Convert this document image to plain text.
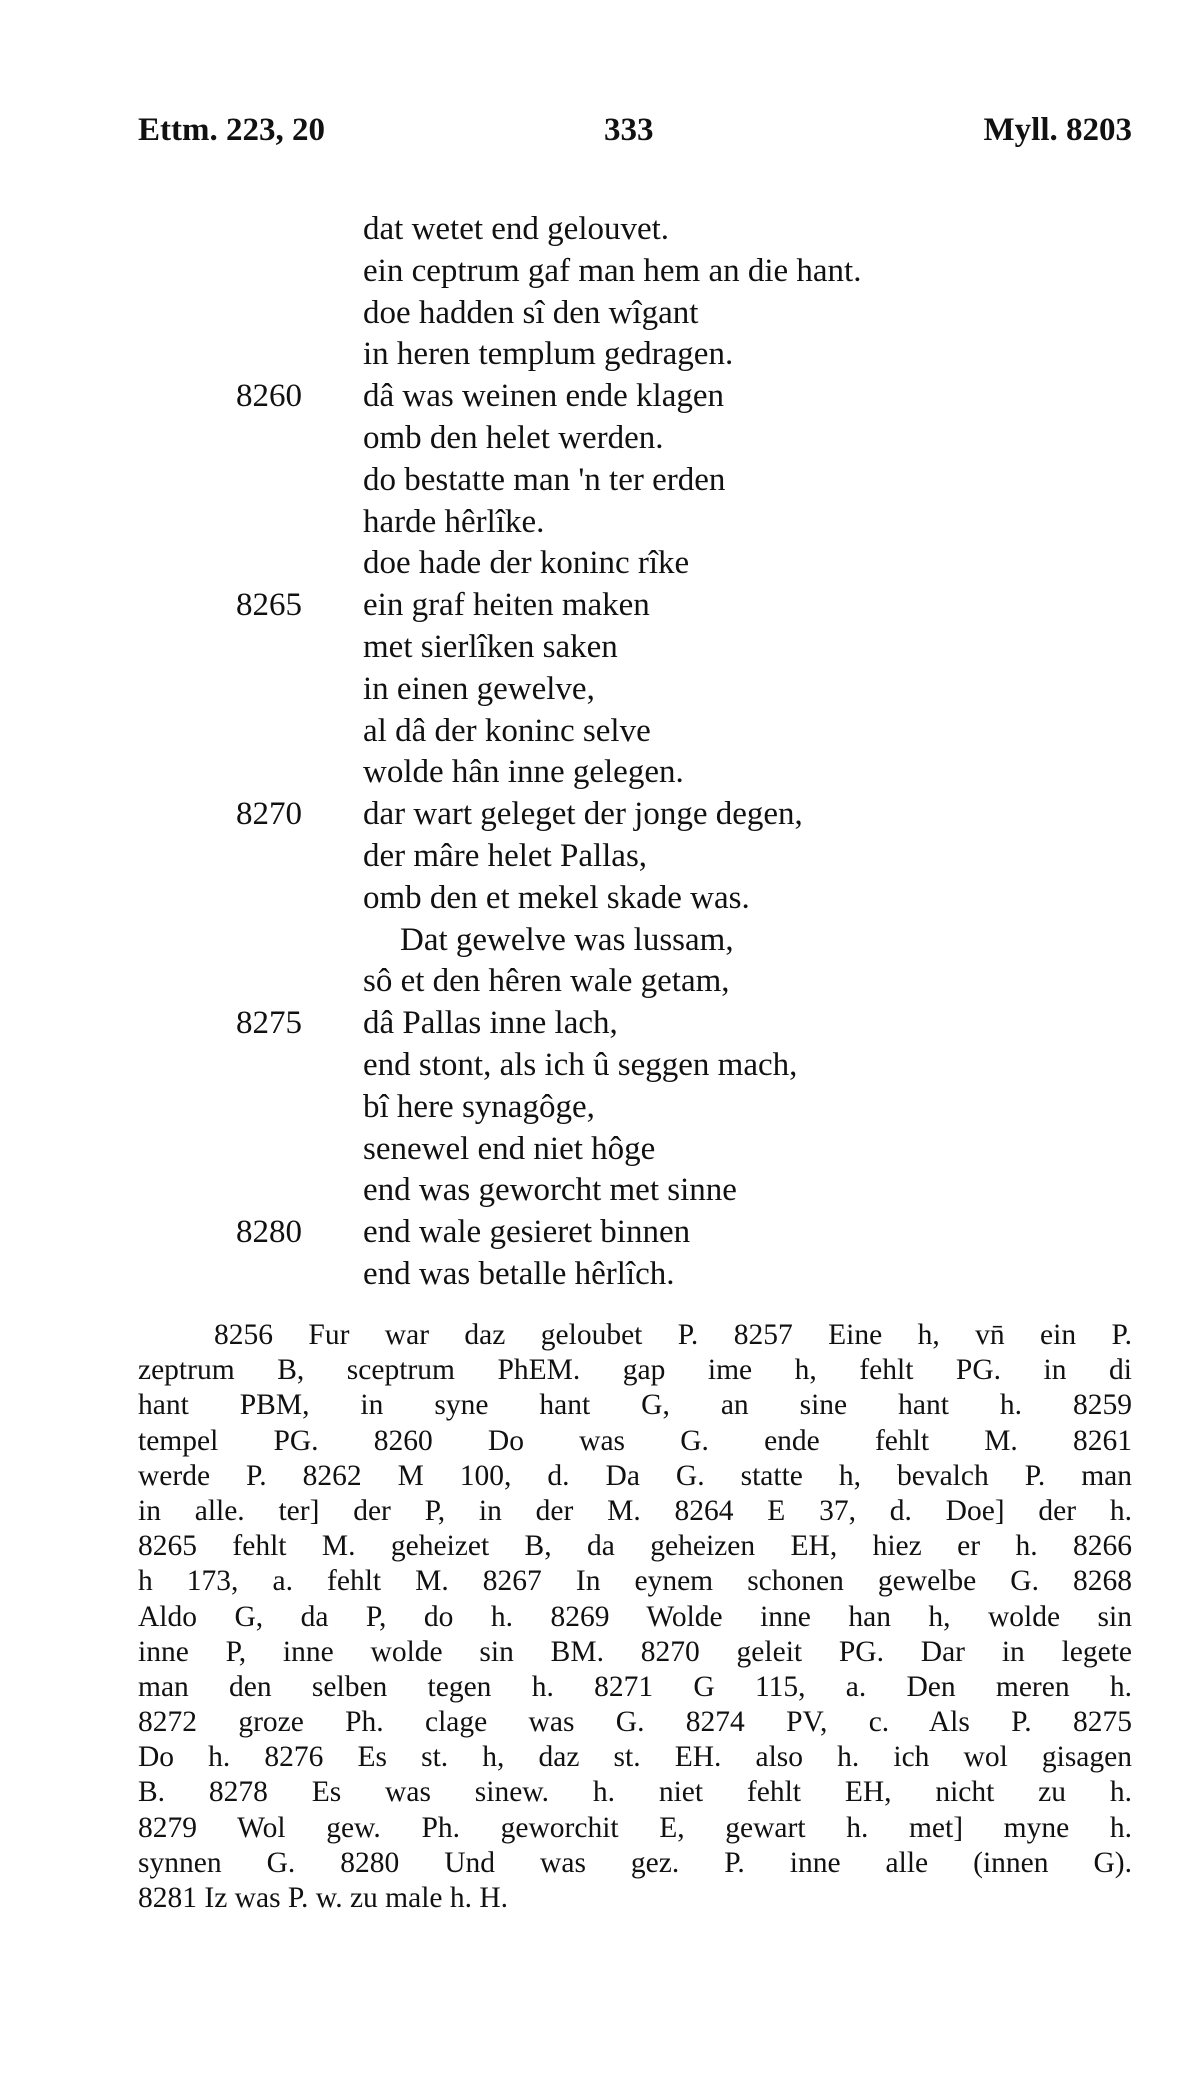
Ettm. 223, 20	333	Myll. 8203
dat wetet end gelouvet.
ein ceptrum gaf man hem an die hant.
doe hadden sî den wîgant
in heren templum gedragen.
8260	dâ was weinen ende klagen
omb den helet werden.
do bestatte man 'n ter erden
harde hêrlîke.
doe hade der koninc rîke
8265	ein graf heiten maken
met sierlîken saken
in einen gewelve,
al dâ der koninc selve
wolde hân inne gelegen.
8270	dar wart geleget der jonge degen,
der mâre helet Pallas,
omb den et mekel skade was.
Dat gewelve was lussam,
sô et den hêren wale getam,
8275	dâ Pallas inne lach,
end stont, als ich û seggen mach,
bî here synagôge,
senewel end niet hôge
end was geworcht met sinne
8280	end wale gesieret binnen
end was betalle hêrlîch.
8256 Fur war daz geloubet P. 8257 Eine h, vn̄ ein P.
zeptrum B, sceptrum PhEM. gap ime h, fehlt PG. in di
hant PBM, in syne hant G, an sine hant h. 8259
tempel PG. 8260 Do was G. ende fehlt M. 8261
werde P. 8262 M 100, d. Da G. statte h, bevalch P. man
in alle. ter] der P, in der M. 8264 E 37, d. Doe] der h.
8265 fehlt M. geheizet B, da geheizen EH, hiez er h. 8266
h 173, a. fehlt M. 8267 In eynem schonen gewelbe G. 8268
Aldo G, da P, do h. 8269 Wolde inne han h, wolde sin
inne P, inne wolde sin BM. 8270 geleit PG. Dar in legete
man den selben tegen h. 8271 G 115, a. Den meren h.
8272 groze Ph. clage was G. 8274 PV, c. Als P. 8275
Do h. 8276 Es st. h, daz st. EH. also h. ich wol gisagen
B. 8278 Es was sinew. h. niet fehlt EH, nicht zu h.
8279 Wol gew. Ph. geworchit E, gewart h. met] myne h.
synnen G. 8280 Und was gez. P. inne alle (innen G).
8281 Iz was P. w. zu male h. H.
